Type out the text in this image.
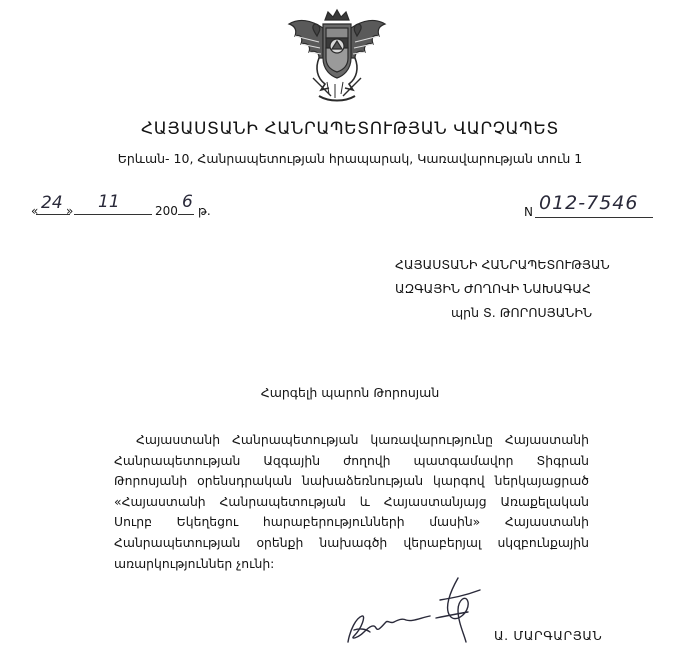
ՀԱՅԱՍՏԱՆԻ ՀԱՆՐԱՊԵՏՈՒԹՅԱՆ ՎԱՐՉԱՊԵՏ
Երևան- 10, Հանրապետության հրապարակ, Կառավարության տուն 1
« 24 » 11	200 6 թ.	N 012-7546
ՀԱՅԱՍՏԱՆԻ ՀԱՆՐԱՊԵՏՈՒԹՅԱՆ
ԱԶԳԱՅԻՆ ԺՈՂՈՎԻ ՆԱԽԱԳԱՀ
պրն Տ. ԹՈՐՈՍՅԱՆԻՆ
Հարգելի պարոն Թորոսյան

Հայաստանի Հանրապետության կառավարությունը Հայաստանի Հանրապետության Ազգային ժողովի պատգամավոր Տիգրան Թորոսյանի օրենսդրական նախաձեռնության կարգով ներկայացրած «Հայաստանի Հանրապետության և Հայաստանյայց Առաքելական Սուրբ Եկեղեցու հարաբերությունների մասին» Հայաստանի Հանրապետության օրենքի նախագծի վերաբերյալ սկզբունքային առարկություններ չունի:

Ա. ՄԱՐԳԱՐՅԱՆ
